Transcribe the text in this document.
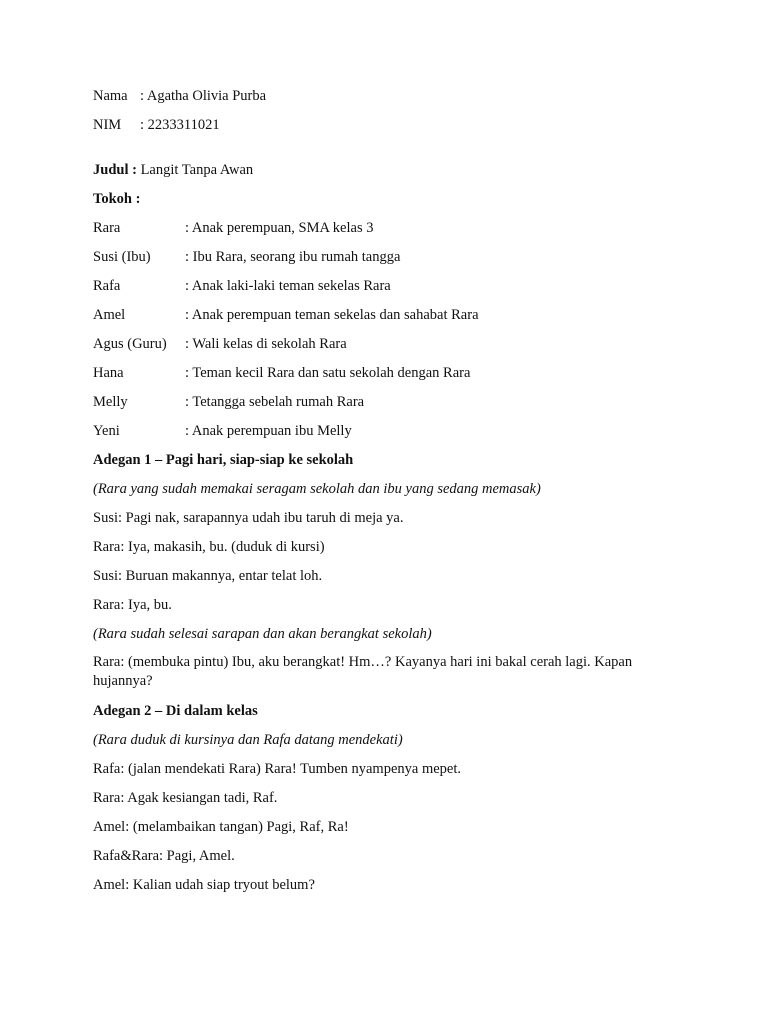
Nama : Agatha Olivia Purba
NIM : 2233311021
Judul : Langit Tanpa Awan
Tokoh :
Rara	: Anak perempuan, SMA kelas 3
Susi (Ibu) : Ibu Rara, seorang ibu rumah tangga
Rafa	: Anak laki-laki teman sekelas Rara
Amel	: Anak perempuan teman sekelas dan sahabat Rara
Agus (Guru) : Wali kelas di sekolah Rara
Hana	: Teman kecil Rara dan satu sekolah dengan Rara
Melly	: Tetangga sebelah rumah Rara
Yeni	: Anak perempuan ibu Melly
Adegan 1 – Pagi hari, siap-siap ke sekolah
(Rara yang sudah memakai seragam sekolah dan ibu yang sedang memasak)
Susi: Pagi nak, sarapannya udah ibu taruh di meja ya.
Rara: Iya, makasih, bu. (duduk di kursi)
Susi: Buruan makannya, entar telat loh.
Rara: Iya, bu.
(Rara sudah selesai sarapan dan akan berangkat sekolah)
Rara: (membuka pintu) Ibu, aku berangkat! Hm…? Kayanya hari ini bakal cerah lagi. Kapan
hujannya?
Adegan 2 – Di dalam kelas
(Rara duduk di kursinya dan Rafa datang mendekati)
Rafa: (jalan mendekati Rara) Rara! Tumben nyampenya mepet.
Rara: Agak kesiangan tadi, Raf.
Amel: (melambaikan tangan) Pagi, Raf, Ra!
Rafa&Rara: Pagi, Amel.
Amel: Kalian udah siap tryout belum?
